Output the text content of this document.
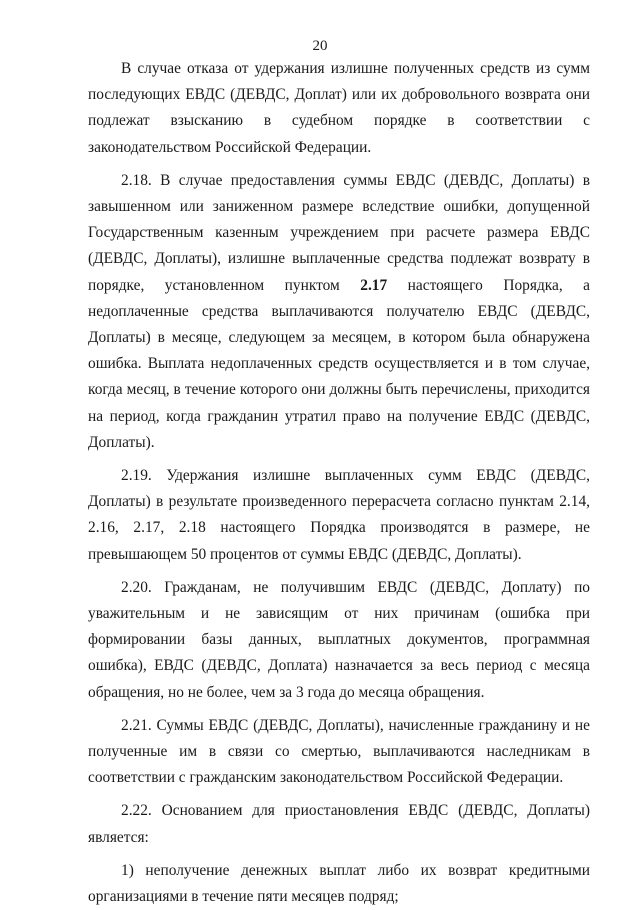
20

В случае отказа от удержания излишне полученных средств из сумм последующих ЕВДС (ДЕВДС, Доплат) или их добровольного возврата они подлежат взысканию в судебном порядке в соответствии с законодательством Российской Федерации.

2.18. В случае предоставления суммы ЕВДС (ДЕВДС, Доплаты) в завышенном или заниженном размере вследствие ошибки, допущенной Государственным казенным учреждением при расчете размера ЕВДС (ДЕВДС, Доплаты), излишне выплаченные средства подлежат возврату в порядке, установленном пунктом 2.17 настоящего Порядка, а недоплаченные средства выплачиваются получателю ЕВДС (ДЕВДС, Доплаты) в месяце, следующем за месяцем, в котором была обнаружена ошибка. Выплата недоплаченных средств осуществляется и в том случае, когда месяц, в течение которого они должны быть перечислены, приходится на период, когда гражданин утратил право на получение ЕВДС (ДЕВДС, Доплаты).

2.19. Удержания излишне выплаченных сумм ЕВДС (ДЕВДС, Доплаты) в результате произведенного перерасчета согласно пунктам 2.14, 2.16, 2.17, 2.18 настоящего Порядка производятся в размере, не превышающем 50 процентов от суммы ЕВДС (ДЕВДС, Доплаты).

2.20. Гражданам, не получившим ЕВДС (ДЕВДС, Доплату) по уважительным и не зависящим от них причинам (ошибка при формировании базы данных, выплатных документов, программная ошибка), ЕВДС (ДЕВДС, Доплата) назначается за весь период с месяца обращения, но не более, чем за 3 года до месяца обращения.

2.21. Суммы ЕВДС (ДЕВДС, Доплаты), начисленные гражданину и не полученные им в связи со смертью, выплачиваются наследникам в соответствии с гражданским законодательством Российской Федерации.

2.22. Основанием для приостановления ЕВДС (ДЕВДС, Доплаты) является:

1) неполучение денежных выплат либо их возврат кредитными организациями в течение пяти месяцев подряд;
